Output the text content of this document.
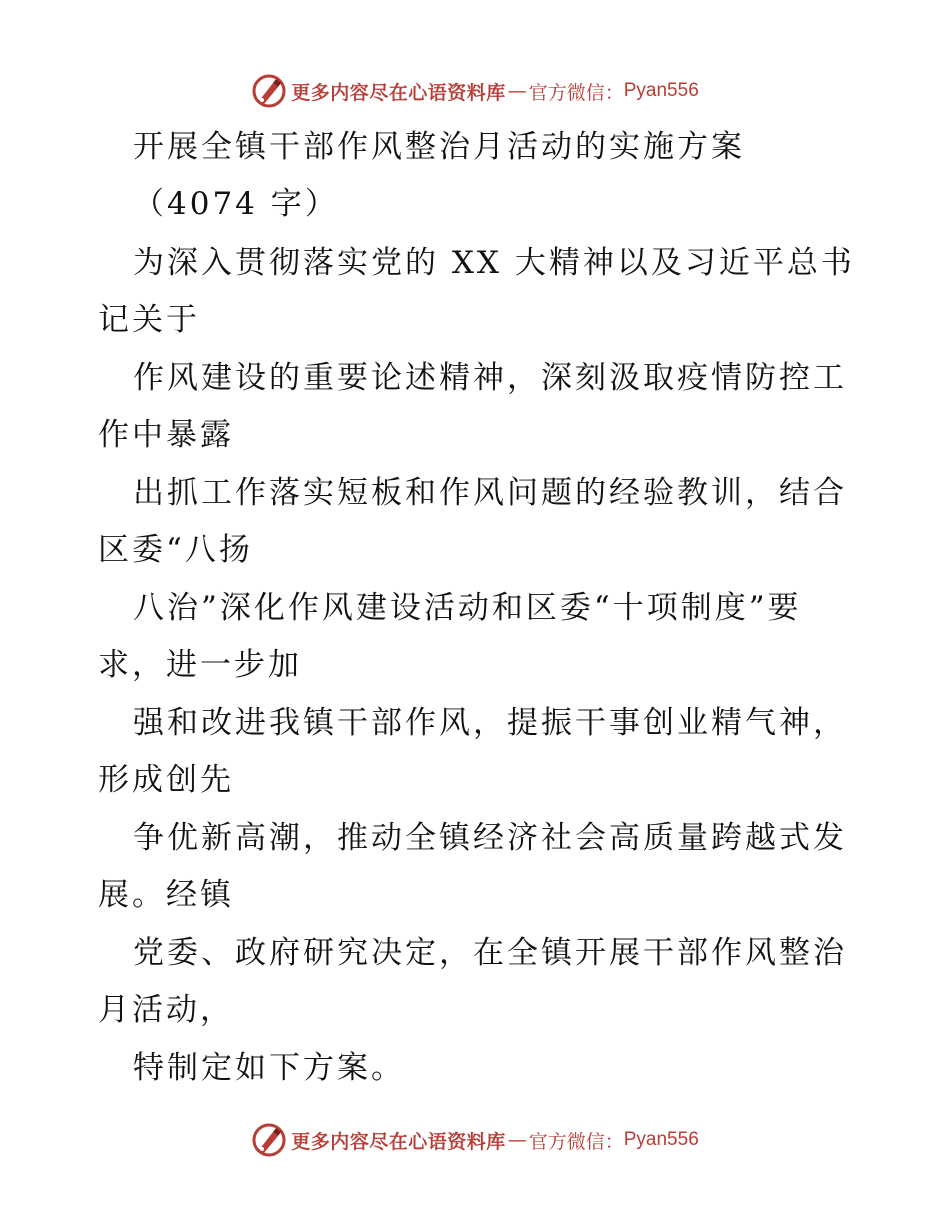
更多内容尽在心语资料库 — 官方微信： Pyan556
开展全镇干部作风整治月活动的实施方案
（4074 字）
为深入贯彻落实党的 XX 大精神以及习近平总书
记关于
作风建设的重要论述精神，深刻汲取疫情防控工
作中暴露
出抓工作落实短板和作风问题的经验教训，结合
区委“八扬
八治”深化作风建设活动和区委“十项制度”要
求，进一步加
强和改进我镇干部作风，提振干事创业精气神，
形成创先
争优新高潮，推动全镇经济社会高质量跨越式发
展。经镇
党委、政府研究决定，在全镇开展干部作风整治
月活动，
特制定如下方案。
更多内容尽在心语资料库 — 官方微信： Pyan556
